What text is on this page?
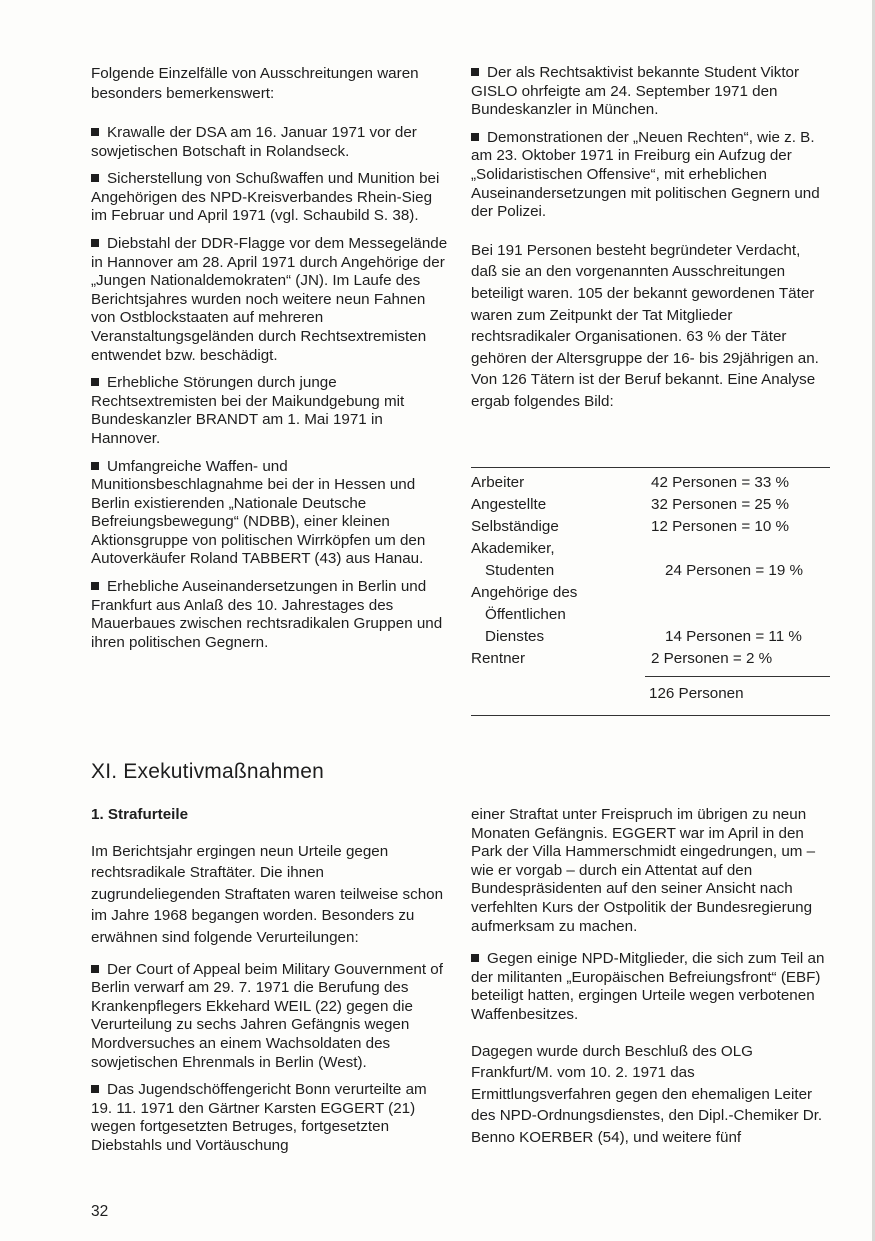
Folgende Einzelfälle von Ausschreitungen waren besonders bemerkenswert:

Krawalle der DSA am 16. Januar 1971 vor der sowjetischen Botschaft in Rolandseck.

Sicherstellung von Schußwaffen und Munition bei Angehörigen des NPD-Kreisverbandes Rhein-Sieg im Februar und April 1971 (vgl. Schaubild S. 38).

Diebstahl der DDR-Flagge vor dem Messegelände in Hannover am 28. April 1971 durch Angehörige der „Jungen Nationaldemokraten“ (JN). Im Laufe des Berichtsjahres wurden noch weitere neun Fahnen von Ostblockstaaten auf mehreren Veranstaltungsgeländen durch Rechtsextremisten entwendet bzw. beschädigt.

Erhebliche Störungen durch junge Rechtsextremisten bei der Maikundgebung mit Bundeskanzler BRANDT am 1. Mai 1971 in Hannover.

Umfangreiche Waffen- und Munitionsbeschlagnahme bei der in Hessen und Berlin existierenden „Nationale Deutsche Befreiungsbewegung“ (NDBB), einer kleinen Aktionsgruppe von politischen Wirrköpfen um den Autoverkäufer Roland TABBERT (43) aus Hanau.

Erhebliche Auseinandersetzungen in Berlin und Frankfurt aus Anlaß des 10. Jahrestages des Mauerbaues zwischen rechtsradikalen Gruppen und ihren politischen Gegnern.

Der als Rechtsaktivist bekannte Student Viktor GISLO ohrfeigte am 24. September 1971 den Bundeskanzler in München.

Demonstrationen der „Neuen Rechten“, wie z. B. am 23. Oktober 1971 in Freiburg ein Aufzug der „Solidaristischen Offensive“, mit erheblichen Auseinandersetzungen mit politischen Gegnern und der Polizei.

Bei 191 Personen besteht begründeter Verdacht, daß sie an den vorgenannten Ausschreitungen beteiligt waren. 105 der bekannt gewordenen Täter waren zum Zeitpunkt der Tat Mitglieder rechtsradikaler Organisationen. 63 % der Täter gehören der Altersgruppe der 16- bis 29jährigen an. Von 126 Tätern ist der Beruf bekannt. Eine Analyse ergab folgendes Bild:

Arbeiter	42 Personen = 33 %
Angestellte	32 Personen = 25 %
Selbständige	12 Personen = 10 %
Akademiker,
Studenten	24 Personen = 19 %
Angehörige des
Öffentlichen
Dienstes	14 Personen = 11 %
Rentner	2 Personen = 2 %
126 Personen
XI. Exekutivmaßnahmen

1. Strafurteile

Im Berichtsjahr ergingen neun Urteile gegen rechtsradikale Straftäter. Die ihnen zugrundeliegenden Straftaten waren teilweise schon im Jahre 1968 begangen worden. Besonders zu erwähnen sind folgende Verurteilungen:

Der Court of Appeal beim Military Gouvernment of Berlin verwarf am 29. 7. 1971 die Berufung des Krankenpflegers Ekkehard WEIL (22) gegen die Verurteilung zu sechs Jahren Gefängnis wegen Mordversuches an einem Wachsoldaten des sowjetischen Ehrenmals in Berlin (West).

Das Jugendschöffengericht Bonn verurteilte am 19. 11. 1971 den Gärtner Karsten EGGERT (21) wegen fortgesetzten Betruges, fortgesetzten Diebstahls und Vortäuschung

einer Straftat unter Freispruch im übrigen zu neun Monaten Gefängnis. EGGERT war im April in den Park der Villa Hammerschmidt eingedrungen, um – wie er vorgab – durch ein Attentat auf den Bundespräsidenten auf den seiner Ansicht nach verfehlten Kurs der Ostpolitik der Bundesregierung aufmerksam zu machen.

Gegen einige NPD-Mitglieder, die sich zum Teil an der militanten „Europäischen Befreiungsfront“ (EBF) beteiligt hatten, ergingen Urteile wegen verbotenen Waffenbesitzes.

Dagegen wurde durch Beschluß des OLG Frankfurt/M. vom 10. 2. 1971 das Ermittlungsverfahren gegen den ehemaligen Leiter des NPD-Ordnungsdienstes, den Dipl.-Chemiker Dr. Benno KOERBER (54), und weitere fünf

32
